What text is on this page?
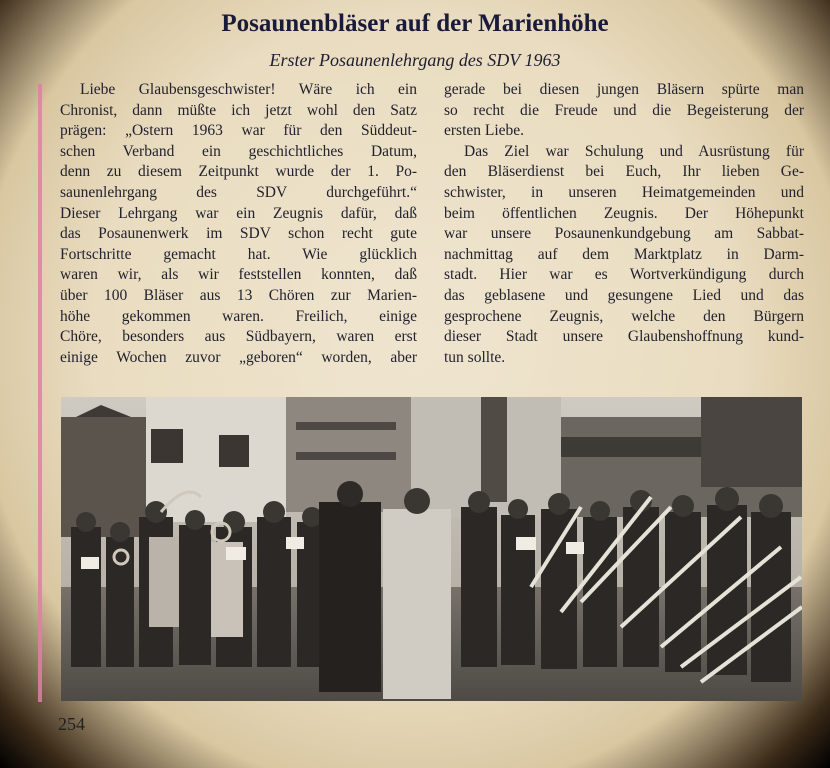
Posaunenbläser auf der Marienhöhe
Erster Posaunenlehrgang des SDV 1963
Liebe Glaubensgeschwister! Wäre ich ein
Chronist, dann müßte ich jetzt wohl den Satz
prägen: „Ostern 1963 war für den Süddeut-
schen Verband ein geschichtliches Datum,
denn zu diesem Zeitpunkt wurde der 1. Po-
saunenlehrgang des SDV durchgeführt.“
Dieser Lehrgang war ein Zeugnis dafür, daß
das Posaunenwerk im SDV schon recht gute
Fortschritte gemacht hat. Wie glücklich
waren wir, als wir feststellen konnten, daß
über 100 Bläser aus 13 Chören zur Marien-
höhe gekommen waren. Freilich, einige
Chöre, besonders aus Südbayern, waren erst
einige Wochen zuvor „geboren“ worden, aber
gerade bei diesen jungen Bläsern spürte man
so recht die Freude und die Begeisterung der
ersten Liebe.
Das Ziel war Schulung und Ausrüstung für
den Bläserdienst bei Euch, Ihr lieben Ge-
schwister, in unseren Heimatgemeinden und
beim öffentlichen Zeugnis. Der Höhepunkt
war unsere Posaunenkundgebung am Sabbat-
nachmittag auf dem Marktplatz in Darm-
stadt. Hier war es Wortverkündigung durch
das geblasene und gesungene Lied und das
gesprochene Zeugnis, welche den Bürgern
dieser Stadt unsere Glaubenshoffnung kund-
tun sollte.
254
